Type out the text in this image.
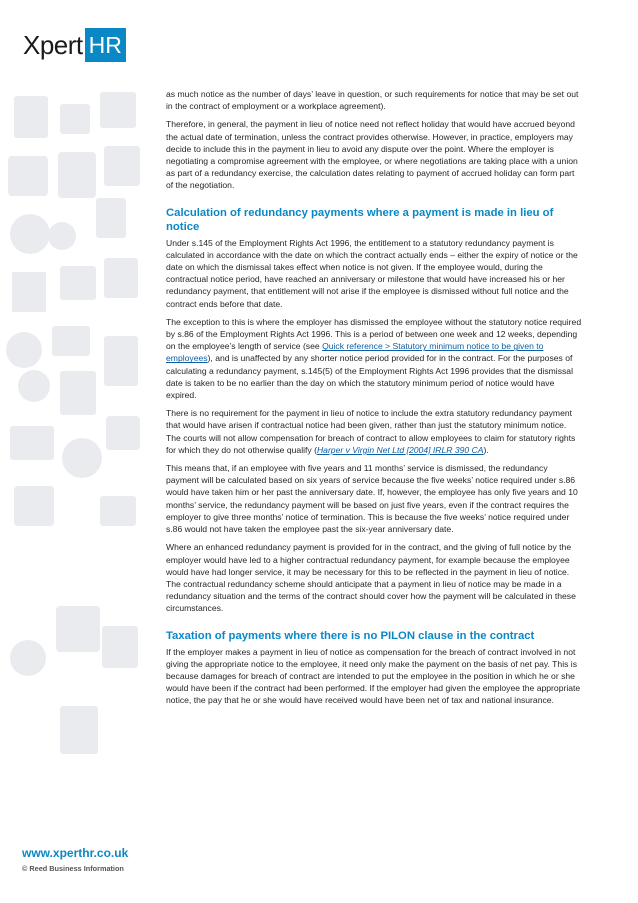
Xpert HR
www.xperthr.co.uk
© Reed Business Information

as much notice as the number of days’ leave in question, or such requirements for notice that may be set out in the contract of employment or a workplace agreement).

Therefore, in general, the payment in lieu of notice need not reflect holiday that would have accrued beyond the actual date of termination, unless the contract provides otherwise. However, in practice, employers may decide to include this in the payment in lieu to avoid any dispute over the point. Where the employer is negotiating a compromise agreement with the employee, or where negotiations are taking place with a union as part of a redundancy exercise, the calculation dates relating to payment of accrued holiday can form part of the negotiation.

Calculation of redundancy payments where a payment is made in lieu of notice

Under s.145 of the Employment Rights Act 1996, the entitlement to a statutory redundancy payment is calculated in accordance with the date on which the contract actually ends – either the expiry of notice or the date on which the dismissal takes effect when notice is not given. If the employee would, during the contractual notice period, have reached an anniversary or milestone that would have increased his or her redundancy payment, that entitlement will not arise if the employee is dismissed without full notice and the contract ends before that date.

The exception to this is where the employer has dismissed the employee without the statutory notice required by s.86 of the Employment Rights Act 1996. This is a period of between one week and 12 weeks, depending on the employee’s length of service (see Quick reference > Statutory minimum notice to be given to employees), and is unaffected by any shorter notice period provided for in the contract. For the purposes of calculating a redundancy payment, s.145(5) of the Employment Rights Act 1996 provides that the dismissal date is taken to be no earlier than the day on which the statutory minimum period of notice would have expired.

There is no requirement for the payment in lieu of notice to include the extra statutory redundancy payment that would have arisen if contractual notice had been given, rather than just the statutory minimum notice. The courts will not allow compensation for breach of contract to allow employees to claim for statutory rights for which they do not otherwise qualify (Harper v Virgin Net Ltd [2004] IRLR 390 CA).

This means that, if an employee with five years and 11 months’ service is dismissed, the redundancy payment will be calculated based on six years of service because the five weeks’ notice required under s.86 would have taken him or her past the anniversary date. If, however, the employee has only five years and 10 months’ service, the redundancy payment will be based on just five years, even if the contract requires the employer to give three months’ notice of termination. This is because the five weeks’ notice required under s.86 would not have taken the employee past the six-year anniversary date.

Where an enhanced redundancy payment is provided for in the contract, and the giving of full notice by the employer would have led to a higher contractual redundancy payment, for example because the employee would have had longer service, it may be necessary for this to be reflected in the payment in lieu of notice. The contractual redundancy scheme should anticipate that a payment in lieu of notice may be made in a redundancy situation and the terms of the contract should cover how the payment will be calculated in these circumstances.

Taxation of payments where there is no PILON clause in the contract

If the employer makes a payment in lieu of notice as compensation for the breach of contract involved in not giving the appropriate notice to the employee, it need only make the payment on the basis of net pay. This is because damages for breach of contract are intended to put the employee in the position in which he or she would have been if the contract had been performed. If the employer had given the employee the appropriate notice, the pay that he or she would have received would have been net of tax and national insurance.
